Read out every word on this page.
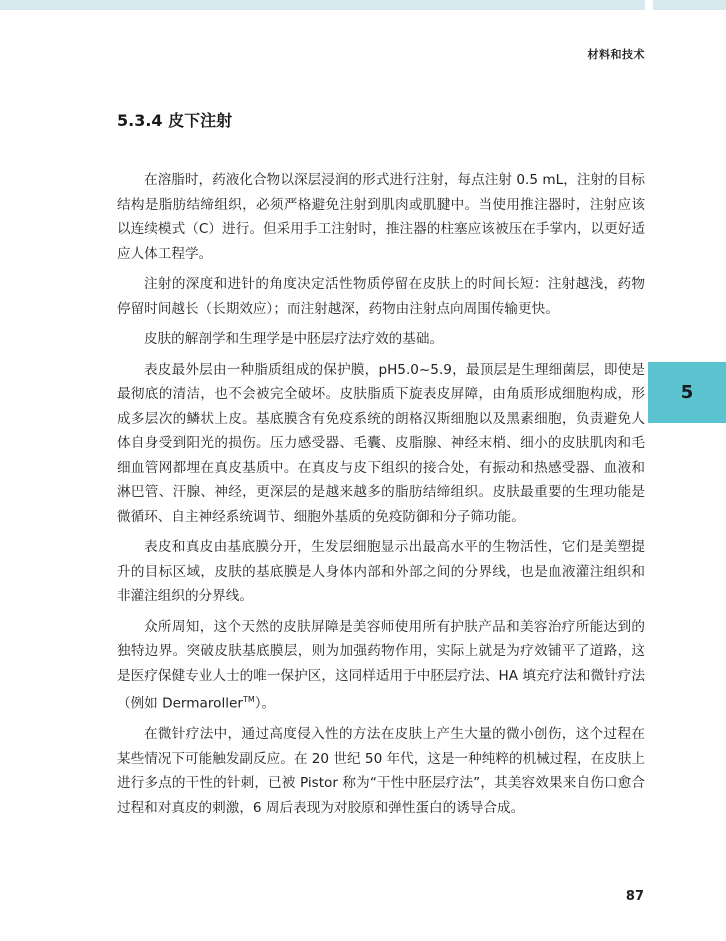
材料和技术
5.3.4 皮下注射

在溶脂时，药液化合物以深层浸润的形式进行注射，每点注射 0.5 mL，注射的目标结构是脂肪结缔组织，必须严格避免注射到肌肉或肌腱中。当使用推注器时，注射应该以连续模式（C）进行。但采用手工注射时，推注器的柱塞应该被压在手掌内，以更好适应人体工程学。

注射的深度和进针的角度决定活性物质停留在皮肤上的时间长短：注射越浅，药物停留时间越长（长期效应）；而注射越深，药物由注射点向周围传输更快。

皮肤的解剖学和生理学是中胚层疗法疗效的基础。

表皮最外层由一种脂质组成的保护膜，pH5.0~5.9，最顶层是生理细菌层，即使是最彻底的清洁，也不会被完全破坏。皮肤脂质下旋表皮屏障，由角质形成细胞构成，形成多层次的鳞状上皮。基底膜含有免疫系统的朗格汉斯细胞以及黑素细胞，负责避免人体自身受到阳光的损伤。压力感受器、毛囊、皮脂腺、神经末梢、细小的皮肤肌肉和毛细血管网都埋在真皮基质中。在真皮与皮下组织的接合处，有振动和热感受器、血液和淋巴管、汗腺、神经，更深层的是越来越多的脂肪结缔组织。皮肤最重要的生理功能是微循环、自主神经系统调节、细胞外基质的免疫防御和分子筛功能。

表皮和真皮由基底膜分开，生发层细胞显示出最高水平的生物活性，它们是美塑提升的目标区域，皮肤的基底膜是人身体内部和外部之间的分界线，也是血液灌注组织和非灌注组织的分界线。

众所周知，这个天然的皮肤屏障是美容师使用所有护肤产品和美容治疗所能达到的独特边界。突破皮肤基底膜层，则为加强药物作用，实际上就是为疗效铺平了道路，这是医疗保健专业人士的唯一保护区，这同样适用于中胚层疗法、HA 填充疗法和微针疗法（例如 Dermaroller™）。

在微针疗法中，通过高度侵入性的方法在皮肤上产生大量的微小创伤，这个过程在某些情况下可能触发副反应。在 20 世纪 50 年代，这是一种纯粹的机械过程，在皮肤上进行多点的干性的针刺，已被 Pistor 称为“干性中胚层疗法”，其美容效果来自伤口愈合过程和对真皮的刺激，6 周后表现为对胶原和弹性蛋白的诱导合成。

5
87
